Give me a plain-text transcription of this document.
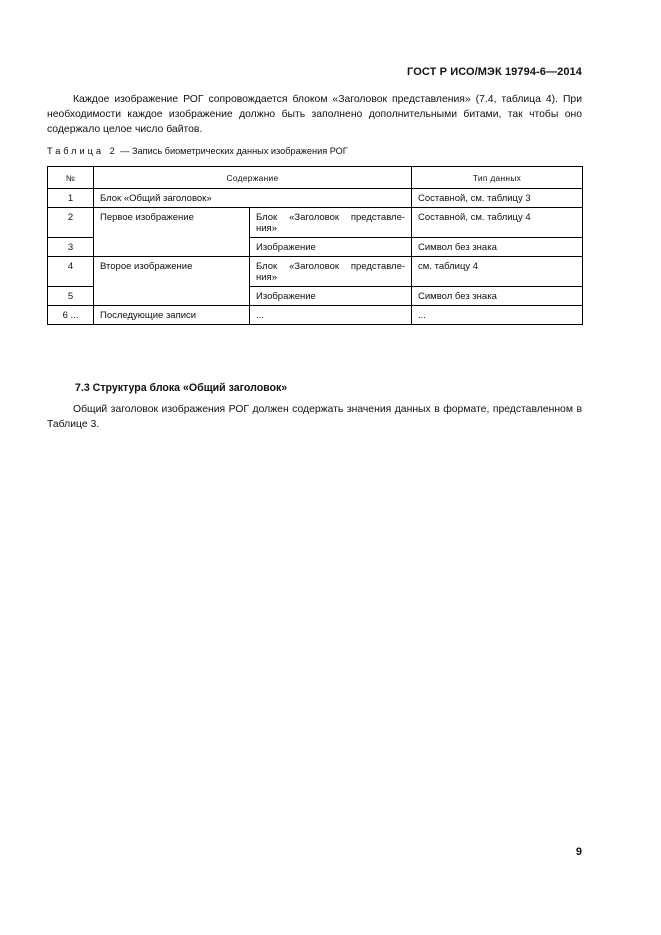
ГОСТ Р ИСО/МЭК 19794-6—2014
Каждое изображение РОГ сопровождается блоком «Заголовок представления» (7.4, таблица 4). При необходимости каждое изображение должно быть заполнено дополнительными битами, так чтобы оно содержало целое число байтов.
Таблица 2 — Запись биометрических данных изображения РОГ
№	Содержание		Тип данных
1	Блок «Общий заголовок»		Составной, см. таблицу 3
2	Первое изображение	Блок «Заголовок представле-ния»	Составной, см. таблицу 4
3		Изображение	Символ без знака
4	Второе изображение	Блок «Заголовок представле-ния»	см. таблицу 4
5		Изображение	Символ без знака
6 ...	Последующие записи	...	...
7.3 Структура блока «Общий заголовок»
Общий заголовок изображения РОГ должен содержать значения данных в формате, представленном в Таблице 3.
9
